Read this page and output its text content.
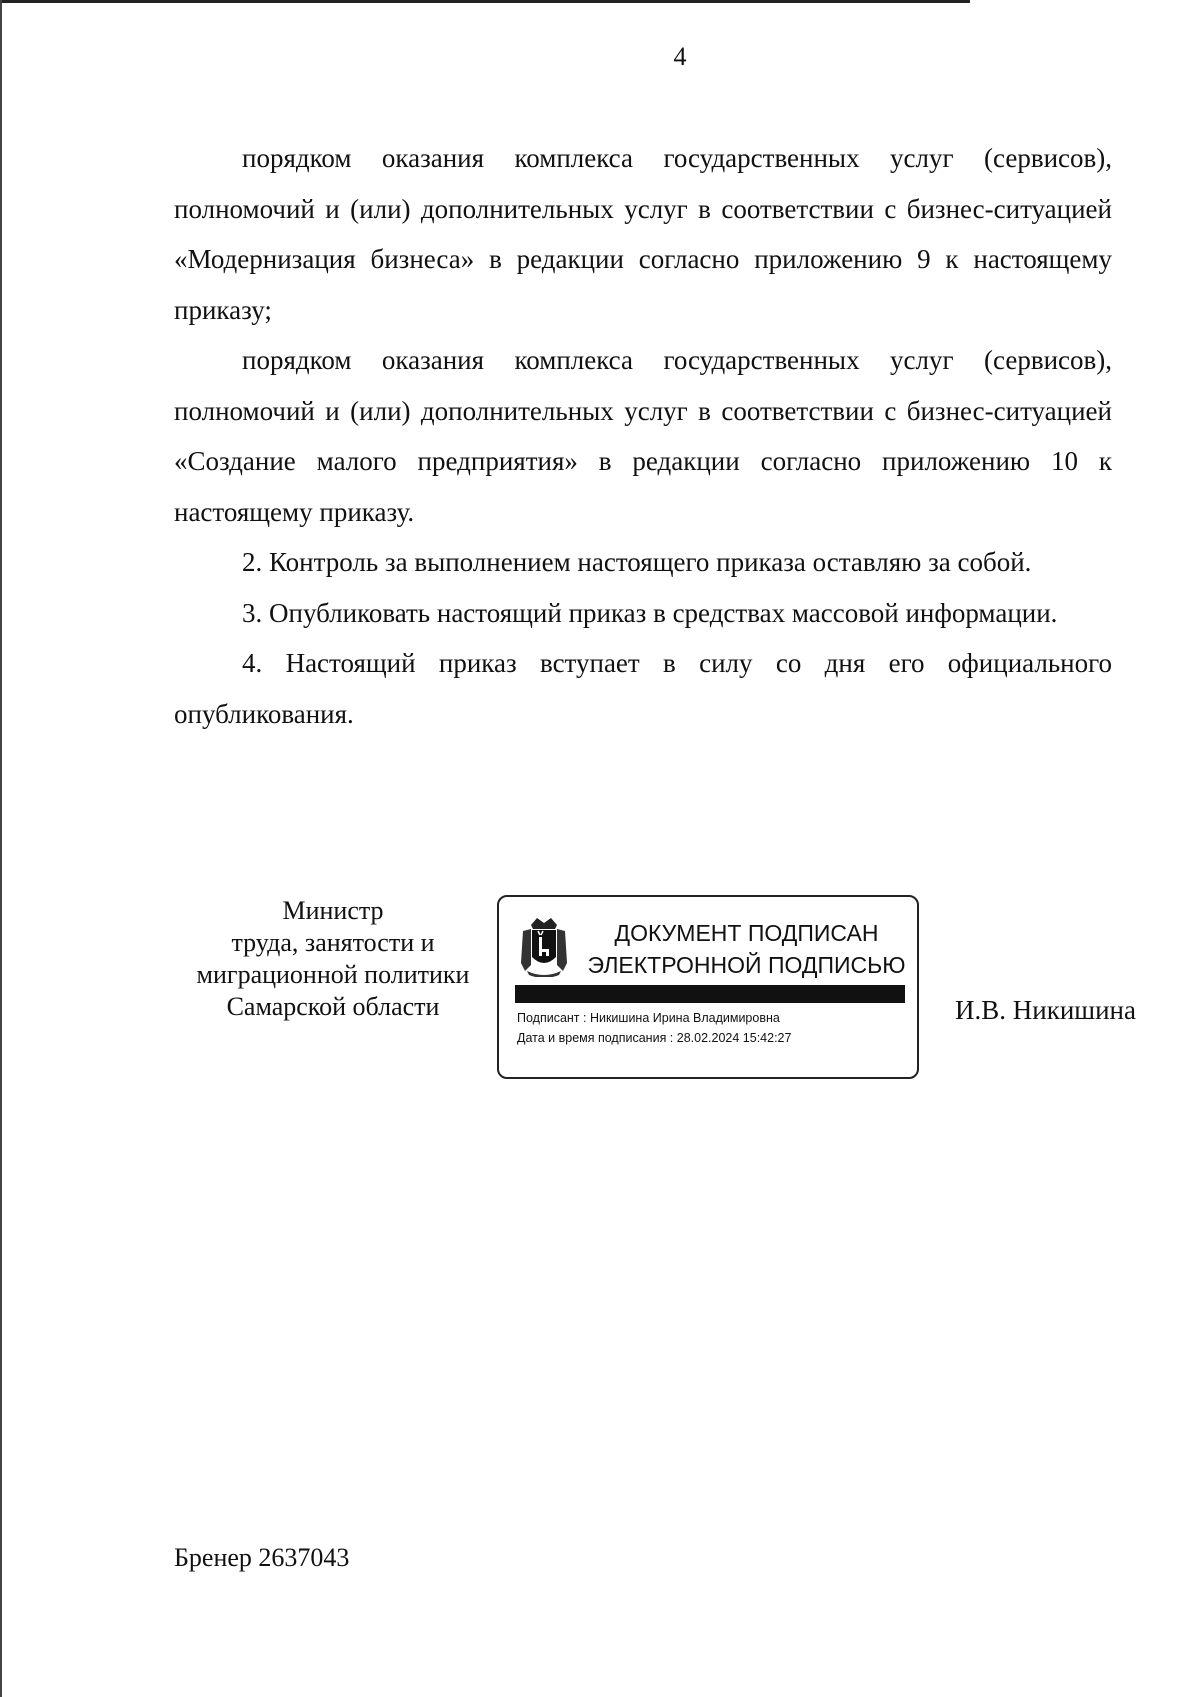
4

порядком оказания комплекса государственных услуг (сервисов), полномочий и (или) дополнительных услуг в соответствии с бизнес-ситуацией «Модернизация бизнеса» в редакции согласно приложению 9 к настоящему приказу;

порядком оказания комплекса государственных услуг (сервисов), полномочий и (или) дополнительных услуг в соответствии с бизнес-ситуацией «Создание малого предприятия» в редакции согласно приложению 10 к настоящему приказу.

2. Контроль за выполнением настоящего приказа оставляю за собой.

3. Опубликовать настоящий приказ в средствах массовой информации.

4. Настоящий приказ вступает в силу со дня его официального опубликования.

Министр
труда, занятости и
миграционной политики
Самарской области
ДОКУМЕНТ ПОДПИСАН
ЭЛЕКТРОННОЙ ПОДПИСЬЮ
Подписант : Никишина Ирина Владимировна
Дата и время подписания : 28.02.2024 15:42:27
И.В. Никишина
Бренер 2637043
